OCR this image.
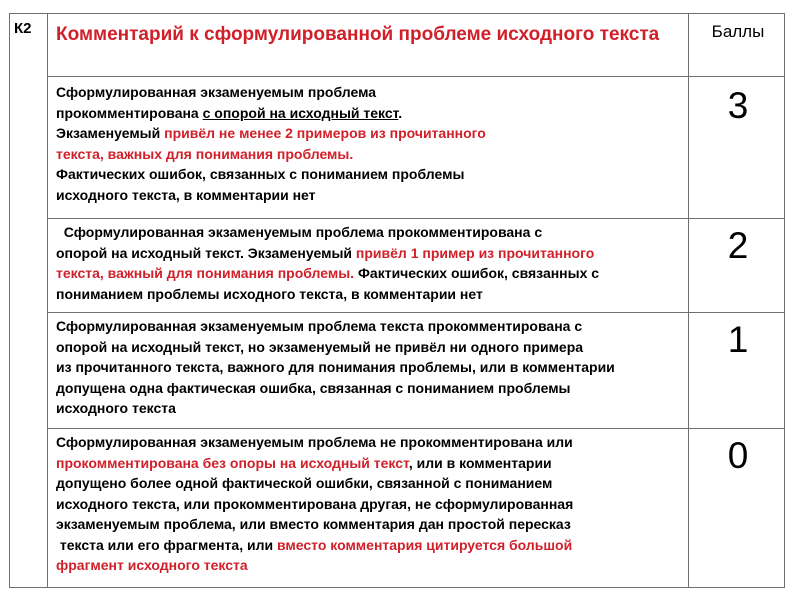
К2 Комментарий к сформулированной проблеме исходного текста	Баллы
Сформулированная экзаменуемым проблема
прокомментирована с опорой на исходный текст.
Экзаменуемый привёл не менее 2 примеров из прочитанного
текста, важных для понимания проблемы.
Фактических ошибок, связанных с пониманием проблемы
исходного текста, в комментарии нет
3
Сформулированная экзаменуемым проблема прокомментирована с
опорой на исходный текст. Экзаменуемый привёл 1 пример из прочитанного
текста, важный для понимания проблемы. Фактических ошибок, связанных с
пониманием проблемы исходного текста, в комментарии нет
2
Сформулированная экзаменуемым проблема текста прокомментирована с
опорой на исходный текст, но экзаменуемый не привёл ни одного примера
из прочитанного текста, важного для понимания проблемы, или в комментарии
допущена одна фактическая ошибка, связанная с пониманием проблемы
исходного текста
1
Сформулированная экзаменуемым проблема не прокомментирована или
прокомментирована без опоры на исходный текст, или в комментарии
допущено более одной фактической ошибки, связанной с пониманием
исходного текста, или прокомментирована другая, не сформулированная
экзаменуемым проблема, или вместо комментария дан простой пересказ
текста или его фрагмента, или вместо комментария цитируется большой
фрагмент исходного текста
0
